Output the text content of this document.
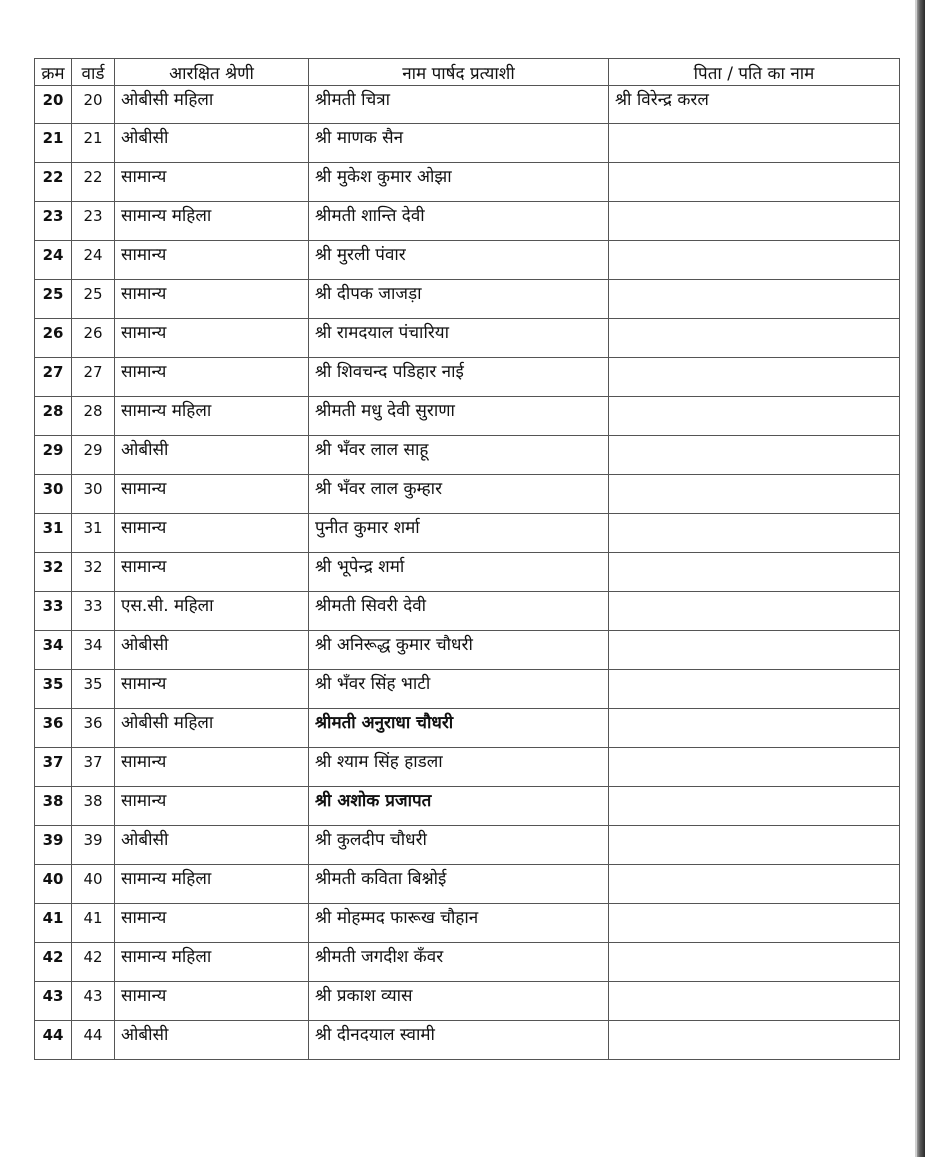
क्रम	वार्ड	आरक्षित श्रेणी	नाम पार्षद प्रत्याशी	पिता / पति का नाम
20	20	ओबीसी महिला	श्रीमती चित्रा	श्री विरेन्द्र करल
21	21	ओबीसी	श्री माणक सैन	
22	22	सामान्य	श्री मुकेश कुमार ओझा	
23	23	सामान्य महिला	श्रीमती शान्ति देवी	
24	24	सामान्य	श्री मुरली पंवार	
25	25	सामान्य	श्री दीपक जाजड़ा	
26	26	सामान्य	श्री रामदयाल पंचारिया	
27	27	सामान्य	श्री शिवचन्द पडिहार नाई	
28	28	सामान्य महिला	श्रीमती मधु देवी सुराणा	
29	29	ओबीसी	श्री भँवर लाल साहू	
30	30	सामान्य	श्री भँवर लाल कुम्हार	
31	31	सामान्य	पुनीत कुमार शर्मा	
32	32	सामान्य	श्री भूपेन्द्र शर्मा	
33	33	एस.सी. महिला	श्रीमती सिवरी देवी	
34	34	ओबीसी	श्री अनिरूद्ध कुमार चौधरी	
35	35	सामान्य	श्री भँवर सिंह भाटी	
36	36	ओबीसी महिला	श्रीमती अनुराधा चौधरी	
37	37	सामान्य	श्री श्याम सिंह हाडला	
38	38	सामान्य	श्री अशोक प्रजापत	
39	39	ओबीसी	श्री कुलदीप चौधरी	
40	40	सामान्य महिला	श्रीमती कविता बिश्नोई	
41	41	सामान्य	श्री मोहम्मद फारूख चौहान	
42	42	सामान्य महिला	श्रीमती जगदीश कँवर	
43	43	सामान्य	श्री प्रकाश व्यास	
44	44	ओबीसी	श्री दीनदयाल स्वामी	
